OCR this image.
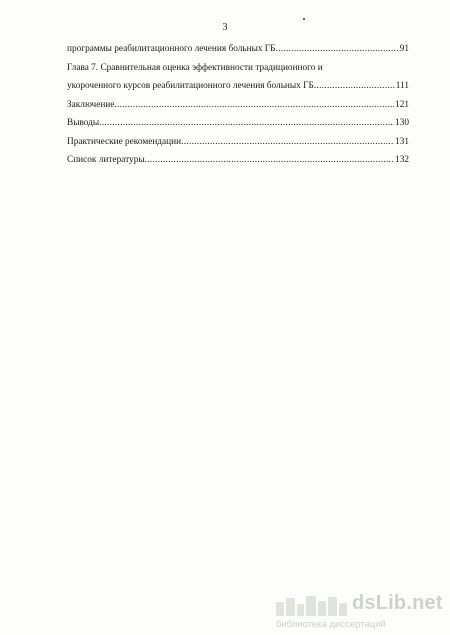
3
программы реабилитационного лечения больных ГБ .....	91
Глава 7. Сравнительная оценка эффективности традиционного и
укороченного курсов реабилитационного лечения больных ГБ .....	111
Заключение .....	121
Выводы .....	130
Практические рекомендации .....	131
Список литературы .....	132
dsLib.net
библиотека диссертаций
